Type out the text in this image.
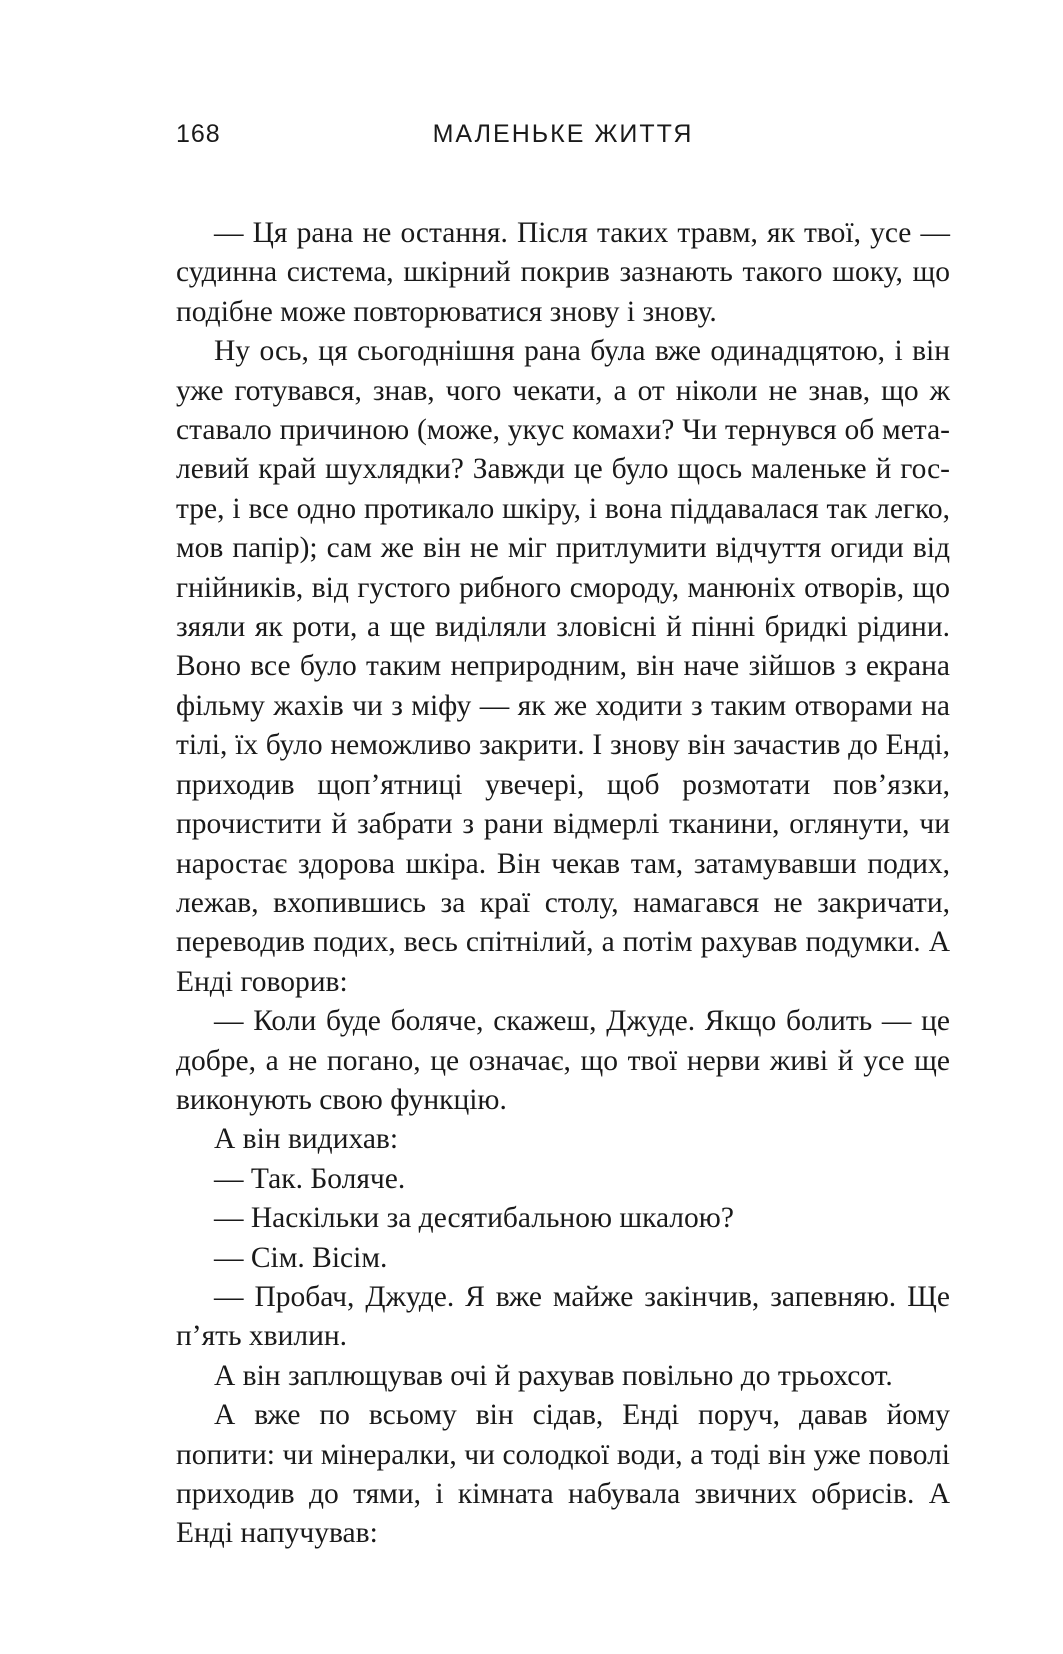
168	МАЛЕНЬКЕ ЖИТТЯ

— Ця рана не остання. Після таких травм, як твої, усе — судинна система, шкірний покрив зазнають такого шоку, що подібне може повторюватися знову і знову.

Ну ось, ця сьогоднішня рана була вже одинадцятою, і він уже готувався, знав, чого чекати, а от ніколи не знав, що ж ставало причиною (може, укус комахи? Чи тернувся об металевий край шухлядки? Завжди це було щось маленьке й гостре, і все одно протикало шкіру, і вона піддавалася так легко, мов папір); сам же він не міг притлумити відчуття огиди від гнійників, від густого рибного смороду, манюніх отворів, що зяяли як роти, а ще виділяли зловісні й пінні бридкі рідини. Воно все було таким неприродним, він наче зійшов з екрана фільму жахів чи з міфу — як же ходити з таким отворами на тілі, їх було неможливо закрити. І знову він зачастив до Енді, приходив щоп’ятниці увечері, щоб розмотати пов’язки, прочистити й забрати з рани відмерлі тканини, оглянути, чи наростає здорова шкіра. Він чекав там, затамувавши подих, лежав, вхопившись за краї столу, намагався не закричати, переводив подих, весь спітнілий, а потім рахував подумки. А Енді говорив:

— Коли буде боляче, скажеш, Джуде. Якщо болить — це добре, а не погано, це означає, що твої нерви живі й усе ще виконують свою функцію.

А він видихав:

— Так. Боляче.

— Наскільки за десятибальною шкалою?

— Сім. Вісім.

— Пробач, Джуде. Я вже майже закінчив, запевняю. Ще п’ять хвилин.

А він заплющував очі й рахував повільно до трьохсот.

А вже по всьому він сідав, Енді поруч, давав йому попити: чи мінералки, чи солодкої води, а тоді він уже поволі приходив до тями, і кімната набувала звичних обрисів. А Енді напучував:
